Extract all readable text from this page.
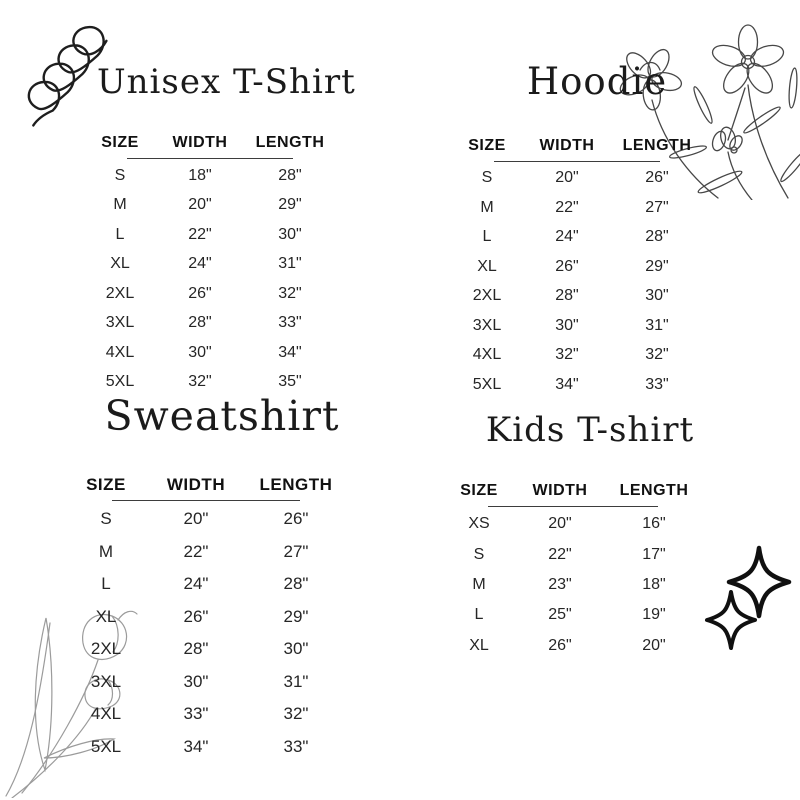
Unisex T-Shirt
SIZE	WIDTH	LENGTH
S	18"	28"
M	20"	29"
L	22"	30"
XL	24"	31"
2XL	26"	32"
3XL	28"	33"
4XL	30"	34"
5XL	32"	35"
Hoodie
SIZE	WIDTH	LENGTH
S	20"	26"
M	22"	27"
L	24"	28"
XL	26"	29"
2XL	28"	30"
3XL	30"	31"
4XL	32"	32"
5XL	34"	33"
Sweatshirt
SIZE	WIDTH	LENGTH
S	20"	26"
M	22"	27"
L	24"	28"
XL	26"	29"
2XL	28"	30"
3XL	30"	31"
4XL	33"	32"
5XL	34"	33"
Kids T-shirt
SIZE	WIDTH	LENGTH
XS	20"	16"
S	22"	17"
M	23"	18"
L	25"	19"
XL	26"	20"
